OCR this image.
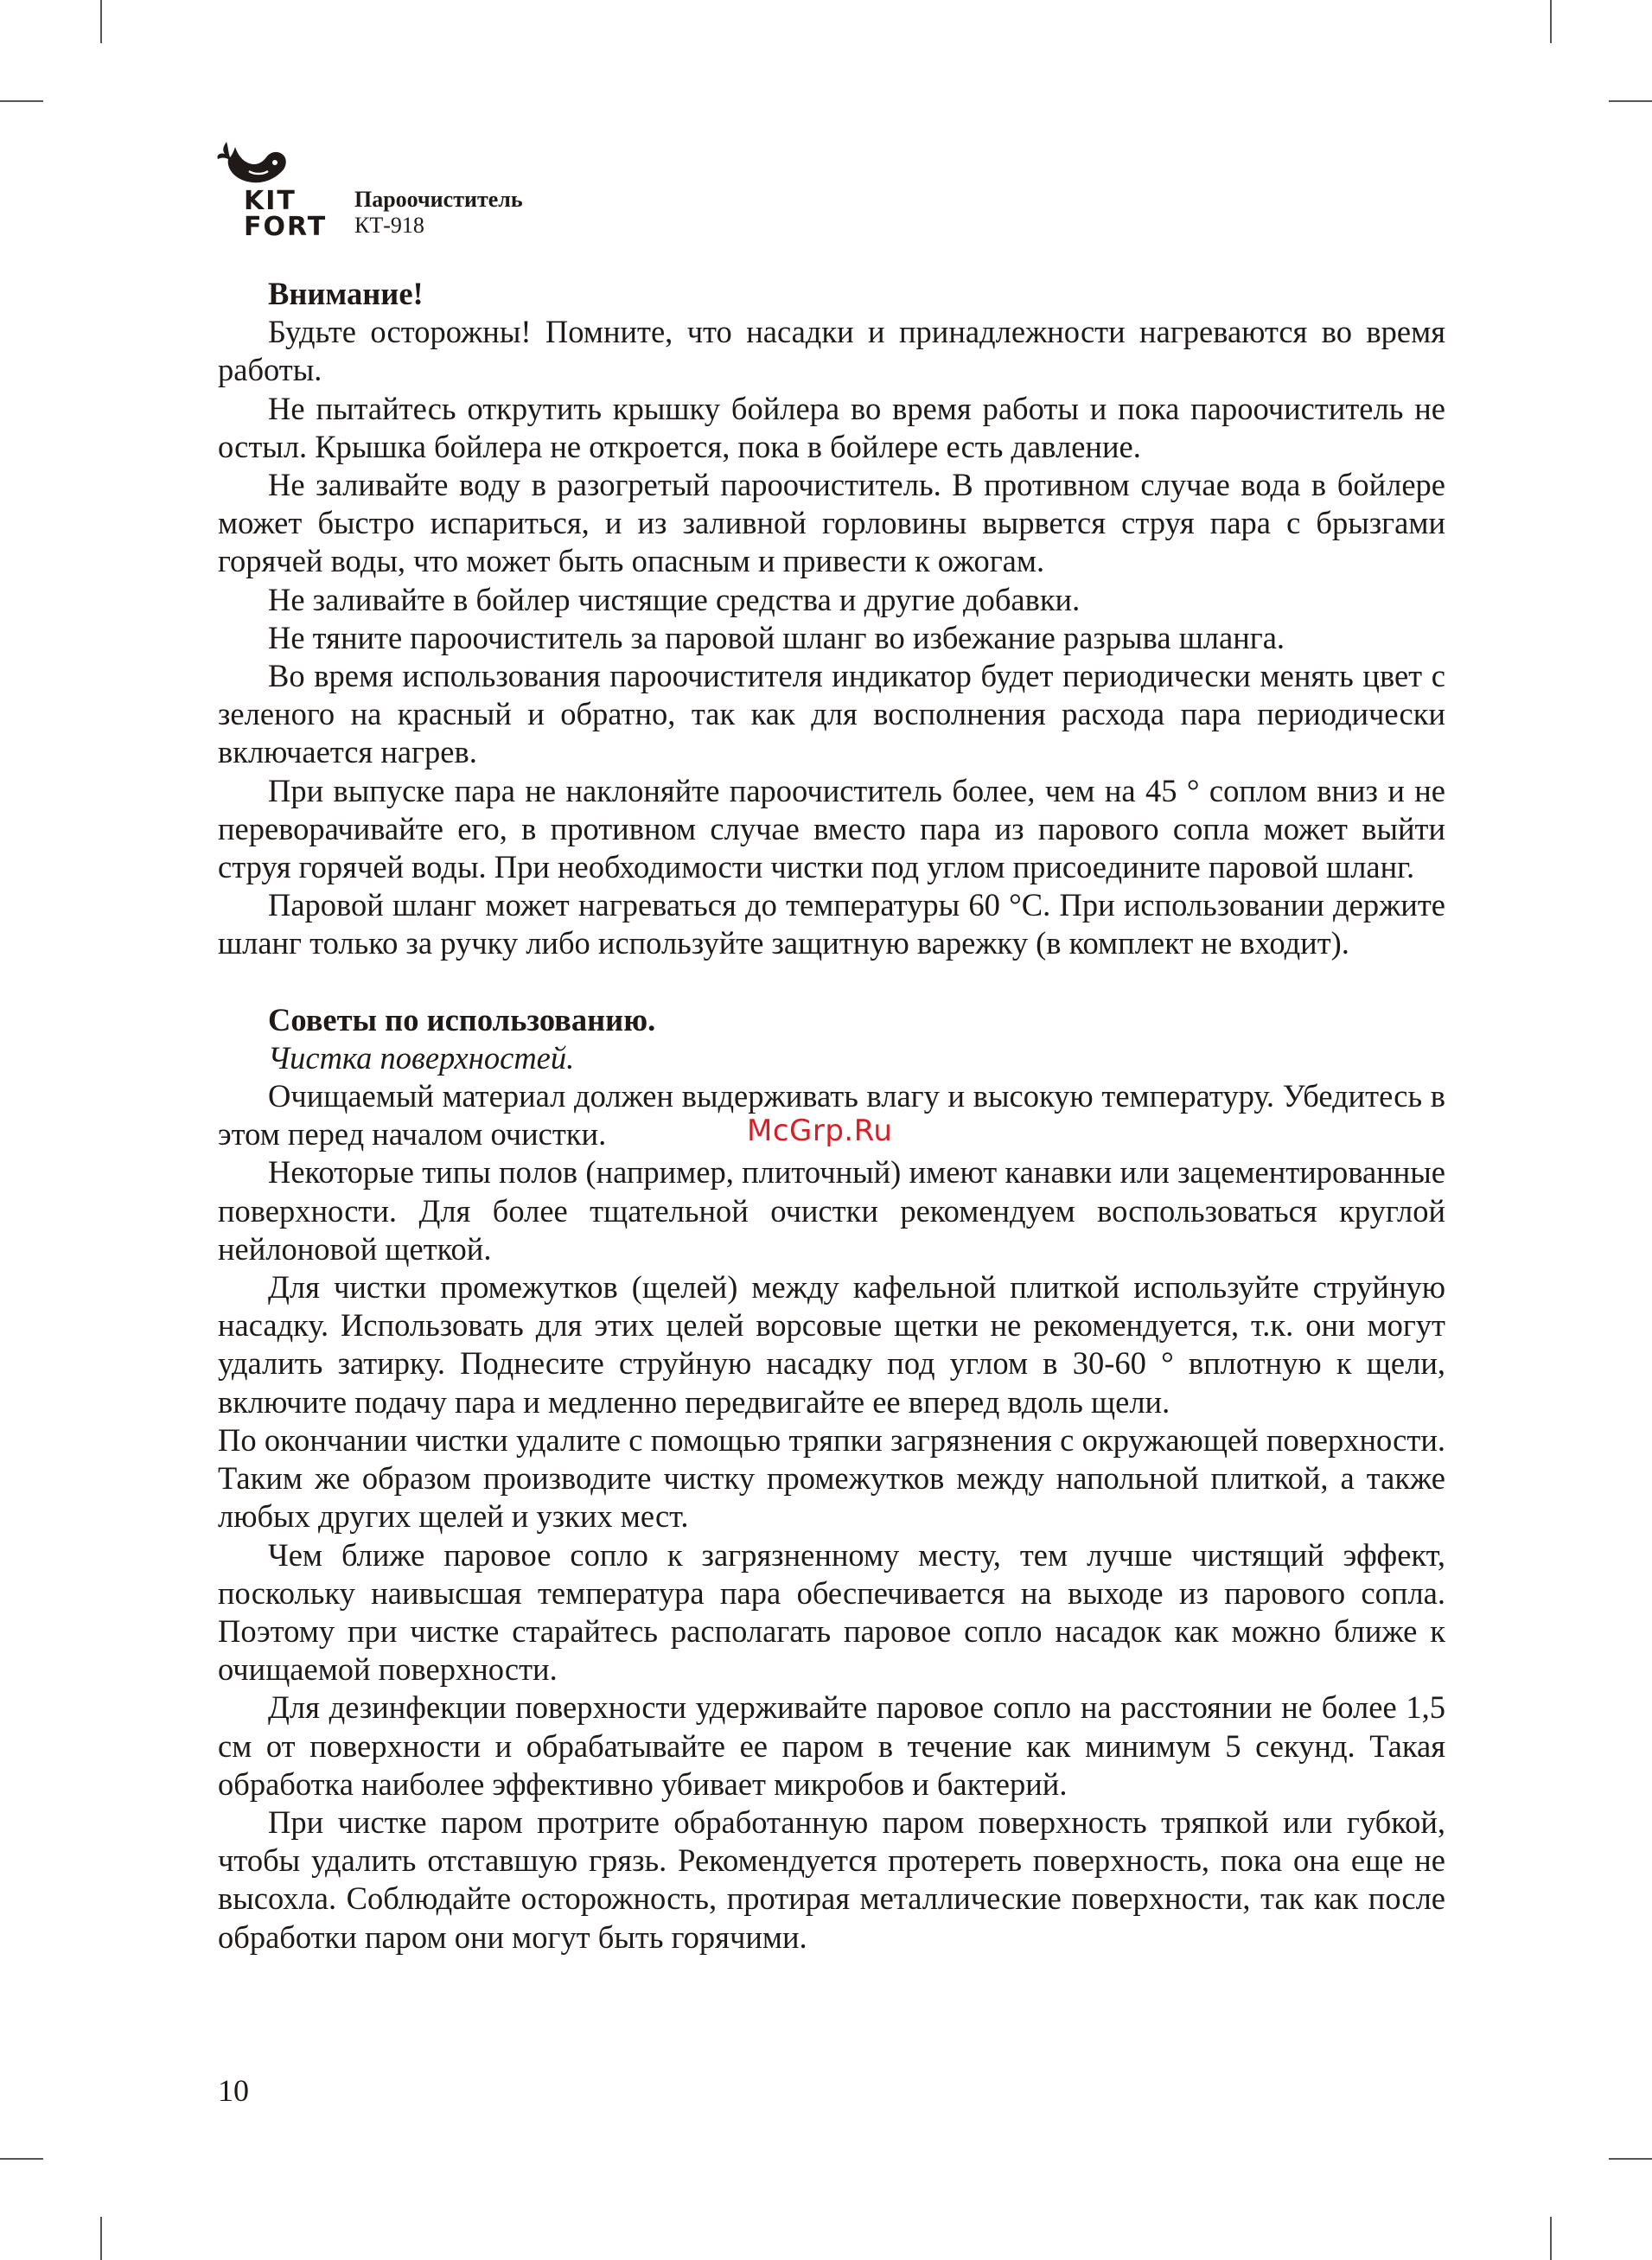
KIT
FORT
Пароочиститель
КТ-918
McGrp.Ru

Внимание!

Будьте осторожны! Помните, что насадки и принадлежности нагреваются во время работы.

Не пытайтесь открутить крышку бойлера во время работы и пока пароочиститель не остыл. Крышка бойлера не откроется, пока в бойлере есть давление.

Не заливайте воду в разогретый пароочиститель. В противном случае вода в бойлере может быстро испариться, и из заливной горловины вырвется струя пара с брызгами горячей воды, что может быть опасным и привести к ожогам.

Не заливайте в бойлер чистящие средства и другие добавки.

Не тяните пароочиститель за паровой шланг во избежание разрыва шланга.

Во время использования пароочистителя индикатор будет периодически менять цвет с зеленого на красный и обратно, так как для восполнения расхода пара периодически включается нагрев.

При выпуске пара не наклоняйте пароочиститель более, чем на 45 ° соплом вниз и не переворачивайте его, в противном случае вместо пара из парового сопла может выйти струя горячей воды. При необходимости чистки под углом присоедините паровой шланг.

Паровой шланг может нагреваться до температуры 60 °С. При использовании держите шланг только за ручку либо используйте защитную варежку (в комплект не входит).

Советы по использованию.

Чистка поверхностей.

Очищаемый материал должен выдерживать влагу и высокую температуру. Убедитесь в этом перед началом очистки.

Некоторые типы полов (например, плиточный) имеют канавки или зацементированные поверхности. Для более тщательной очистки рекомендуем воспользоваться круглой нейлоновой щеткой.

Для чистки промежутков (щелей) между кафельной плиткой используйте струйную насадку. Использовать для этих целей ворсовые щетки не рекомендуется, т.к. они могут удалить затирку. Поднесите струйную насадку под углом в 30-60 ° вплотную к щели, включите подачу пара и медленно передвигайте ее вперед вдоль щели.

По окончании чистки удалите с помощью тряпки загрязнения с окружающей поверхности. Таким же образом производите чистку промежутков между напольной плиткой, а также любых других щелей и узких мест.

Чем ближе паровое сопло к загрязненному месту, тем лучше чистящий эффект, поскольку наивысшая температура пара обеспечивается на выходе из парового сопла. Поэтому при чистке старайтесь располагать паровое сопло насадок как можно ближе к очищаемой поверхности.

Для дезинфекции поверхности удерживайте паровое сопло на расстоянии не более 1,5 см от поверхности и обрабатывайте ее паром в течение как минимум 5 секунд. Такая обработка наиболее эффективно убивает микробов и бактерий.

При чистке паром протрите обработанную паром поверхность тряпкой или губкой, чтобы удалить отставшую грязь. Рекомендуется протереть поверхность, пока она еще не высохла. Соблюдайте осторожность, протирая металлические поверхности, так как после обработки паром они могут быть горячими.

10
